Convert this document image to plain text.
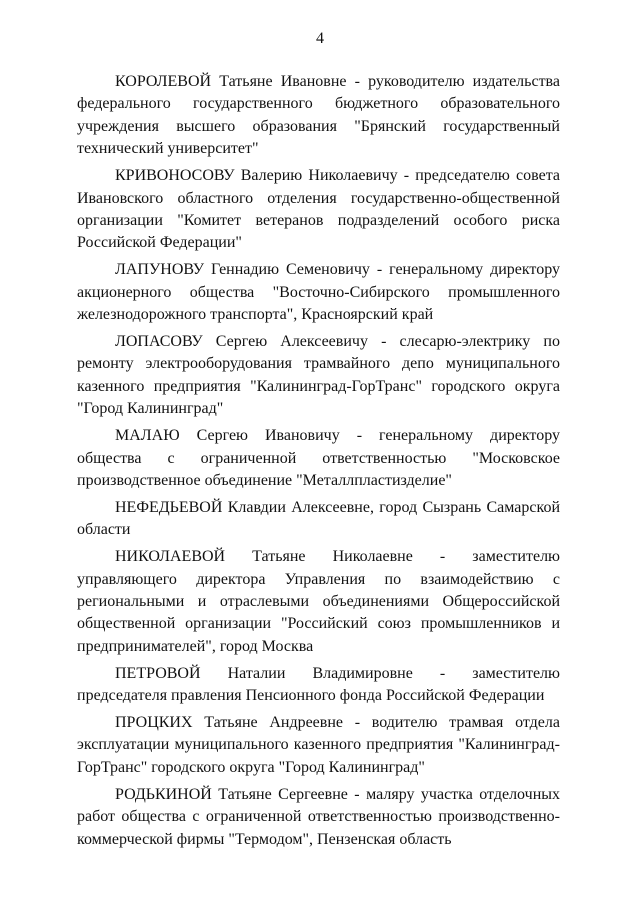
4

КОРОЛЕВОЙ Татьяне Ивановне - руководителю издательства федерального государственного бюджетного образовательного учреждения высшего образования "Брянский государственный технический университет"

КРИВОНОСОВУ Валерию Николаевичу - председателю совета Ивановского областного отделения государственно-общественной организации "Комитет ветеранов подразделений особого риска Российской Федерации"

ЛАПУНОВУ Геннадию Семеновичу - генеральному директору акционерного общества "Восточно-Сибирского промышленного железнодорожного транспорта", Красноярский край

ЛОПАСОВУ Сергею Алексеевичу - слесарю-электрику по ремонту электрооборудования трамвайного депо муниципального казенного предприятия "Калининград-ГорТранс" городского округа "Город Калининград"

МАЛАЮ Сергею Ивановичу - генеральному директору общества с ограниченной ответственностью "Московское производственное объединение "Металлпластизделие"

НЕФЕДЬЕВОЙ Клавдии Алексеевне, город Сызрань Самарской области

НИКОЛАЕВОЙ Татьяне Николаевне - заместителю управляющего директора Управления по взаимодействию с региональными и отраслевыми объединениями Общероссийской общественной организации "Российский союз промышленников и предпринимателей", город Москва

ПЕТРОВОЙ Наталии Владимировне - заместителю председателя правления Пенсионного фонда Российской Федерации

ПРОЦКИХ Татьяне Андреевне - водителю трамвая отдела эксплуатации муниципального казенного предприятия "Калининград-ГорТранс" городского округа "Город Калининград"

РОДЬКИНОЙ Татьяне Сергеевне - маляру участка отделочных работ общества с ограниченной ответственностью производственно-коммерческой фирмы "Термодом", Пензенская область
